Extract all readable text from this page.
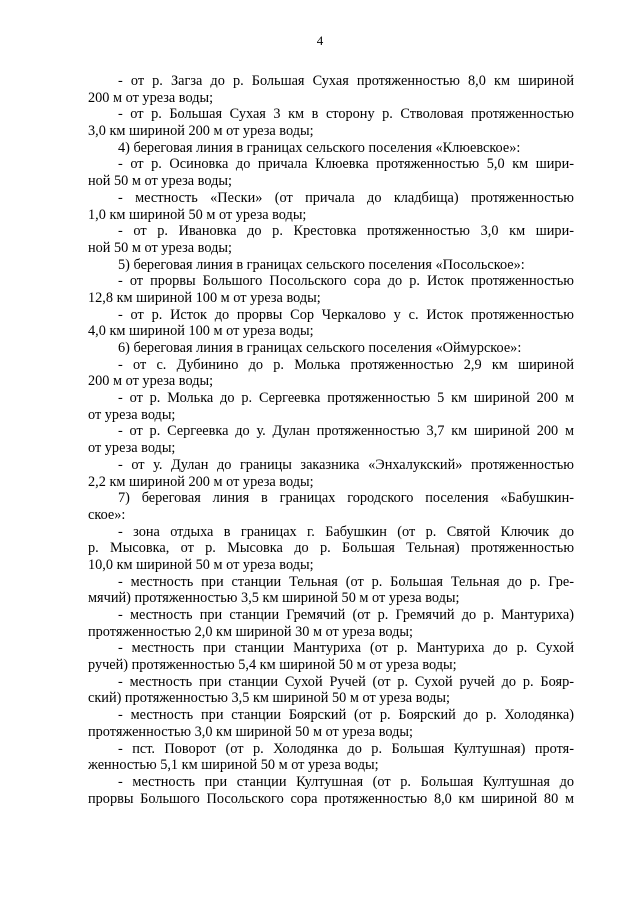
4
- от р. Загза до р. Большая Сухая протяженностью 8,0 км шириной
200 м от уреза воды;
- от р. Большая Сухая 3 км в сторону р. Стволовая протяженностью
3,0 км шириной 200 м от уреза воды;
4) береговая линия в границах сельского поселения «Клюевское»:
- от р. Осиновка до причала Клюевка протяженностью 5,0 км шири-
ной 50 м от уреза воды;
- местность «Пески» (от причала до кладбища) протяженностью
1,0 км шириной 50 м от уреза воды;
- от р. Ивановка до р. Крестовка протяженностью 3,0 км шири-
ной 50 м от уреза воды;
5) береговая линия в границах сельского поселения «Посольское»:
- от прорвы Большого Посольского сора до р. Исток протяженностью
12,8 км шириной 100 м от уреза воды;
- от р. Исток до прорвы Сор Черкалово у с. Исток протяженностью
4,0 км шириной 100 м от уреза воды;
6) береговая линия в границах сельского поселения «Оймурское»:
- от с. Дубинино до р. Молька протяженностью 2,9 км шириной
200 м от уреза воды;
- от р. Молька до р. Сергеевка протяженностью 5 км шириной 200 м
от уреза воды;
- от р. Сергеевка до у. Дулан протяженностью 3,7 км шириной 200 м
от уреза воды;
- от у. Дулан до границы заказника «Энхалукский» протяженностью
2,2 км шириной 200 м от уреза воды;
7) береговая линия в границах городского поселения «Бабушкин-
ское»:
- зона отдыха в границах г. Бабушкин (от р. Святой Ключик до
р. Мысовка, от р. Мысовка до р. Большая Тельная) протяженностью
10,0 км шириной 50 м от уреза воды;
- местность при станции Тельная (от р. Большая Тельная до р. Гре-
мячий) протяженностью 3,5 км шириной 50 м от уреза воды;
- местность при станции Гремячий (от р. Гремячий до р. Мантуриха)
протяженностью 2,0 км шириной 30 м от уреза воды;
- местность при станции Мантуриха (от р. Мантуриха до р. Сухой
ручей) протяженностью 5,4 км шириной 50 м от уреза воды;
- местность при станции Сухой Ручей (от р. Сухой ручей до р. Бояр-
ский) протяженностью 3,5 км шириной 50 м от уреза воды;
- местность при станции Боярский (от р. Боярский до р. Холодянка)
протяженностью 3,0 км шириной 50 м от уреза воды;
- пст. Поворот (от р. Холодянка до р. Большая Култушная) протя-
женностью 5,1 км шириной 50 м от уреза воды;
- местность при станции Култушная (от р. Большая Култушная до
прорвы Большого Посольского сора протяженностью 8,0 км шириной 80 м
